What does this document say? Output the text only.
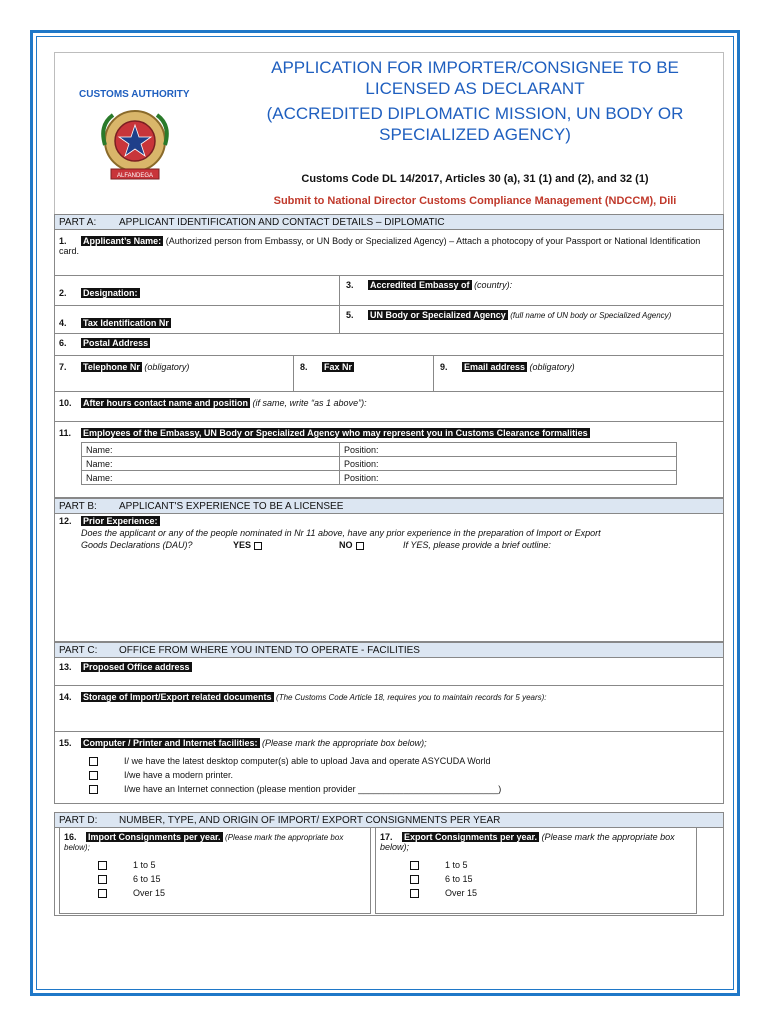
CUSTOMS AUTHORITY
ALFANDEGA
APPLICATION FOR IMPORTER/CONSIGNEE TO BE
LICENSED AS DECLARANT
(ACCREDITED DIPLOMATIC MISSION, UN BODY OR
SPECIALIZED AGENCY)
Customs Code DL 14/2017, Articles 30 (a), 31 (1) and (2), and 32 (1)
Submit to National Director Customs Compliance Management (NDCCM), Dili
PART A:	APPLICANT IDENTIFICATION AND CONTACT DETAILS – DIPLOMATIC
1. Applicant’s Name: (Authorized person from Embassy, or UN Body or Specialized Agency) – Attach a photocopy of your Passport or National Identification card.
2. Designation:
3. Accredited Embassy of (country):
4. Tax Identification Nr
5. UN Body or Specialized Agency (full name of UN body or Specialized Agency)
6. Postal Address
7. Telephone Nr (obligatory)	8. Fax Nr	9. Email address (obligatory)
10. After hours contact name and position (if same, write “as 1 above”):
11. Employees of the Embassy, UN Body or Specialized Agency who may represent you in Customs Clearance formalities
Name:	Position:
Name:	Position:
Name:	Position:
PART B:	APPLICANT'S EXPERIENCE TO BE A LICENSEE
12. Prior Experience:
Does the applicant or any of the people nominated in Nr 11 above, have any prior experience in the preparation of Import or Export
Goods Declarations (DAU)?	YES	NO	If YES, please provide a brief outline:
PART C:	OFFICE FROM WHERE YOU INTEND TO OPERATE - FACILITIES
13. Proposed Office address
14. Storage of Import/Export related documents (The Customs Code Article 18, requires you to maintain records for 5 years):
15. Computer / Printer and Internet facilities: (Please mark the appropriate box below);
I/ we have the latest desktop computer(s) able to upload Java and operate ASYCUDA World
I/we have a modern printer.
I/we have an Internet connection (please mention provider ____________________________)
PART D:	NUMBER, TYPE, AND ORIGIN OF IMPORT/ EXPORT CONSIGNMENTS PER YEAR
16. Import Consignments per year. (Please mark the appropriate box below);
1 to 5
6 to 15
Over 15
17. Export Consignments per year. (Please mark the appropriate box below);
1 to 5
6 to 15
Over 15
